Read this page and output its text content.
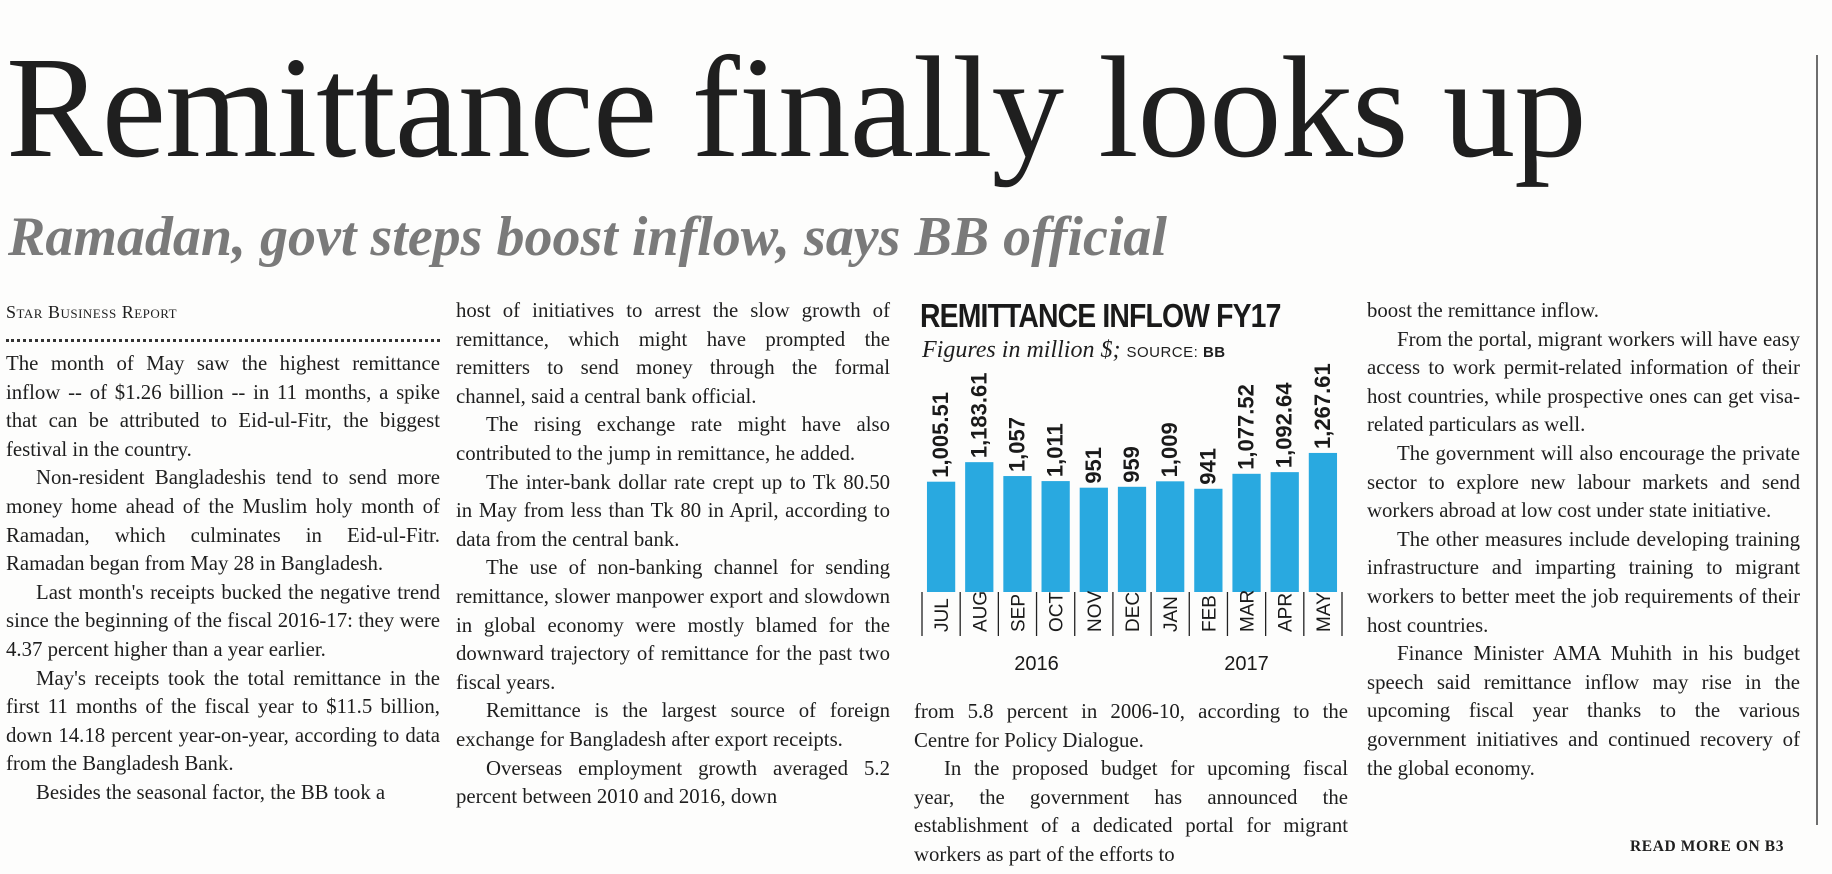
Remittance finally looks up
Ramadan, govt steps boost inflow, says BB official
Star Business Report

The month of May saw the highest remittance inflow -- of $1.26 billion -- in 11 months, a spike that can be attributed to Eid-ul-Fitr, the biggest festival in the country.

Non-resident Bangladeshis tend to send more money home ahead of the Muslim holy month of Ramadan, which culminates in Eid-ul-Fitr. Ramadan began from May 28 in Bangladesh.

Last month's receipts bucked the negative trend since the beginning of the fiscal 2016-17: they were 4.37 percent higher than a year earlier.

May's receipts took the total remittance in the first 11 months of the fiscal year to $11.5 billion, down 14.18 percent year-on-year, according to data from the Bangladesh Bank.

Besides the seasonal factor, the BB took a

host of initiatives to arrest the slow growth of remittance, which might have prompted the remitters to send money through the formal channel, said a central bank official.

The rising exchange rate might have also contributed to the jump in remittance, he added.

The inter-bank dollar rate crept up to Tk 80.50 in May from less than Tk 80 in April, according to data from the central bank.

The use of non-banking channel for sending remittance, slower manpower export and slowdown in global economy were mostly blamed for the downward trajectory of remittance for the past two fiscal years.

Remittance is the largest source of foreign exchange for Bangladesh after export receipts.

Overseas employment growth averaged 5.2 percent between 2010 and 2016, down

REMITTANCE INFLOW FY17
Figures in million $; SOURCE: BB
1,005.51
JUL
1,183.61
AUG
1,057
SEP
1,011
OCT
951
NOV
959
DEC
1,009
JAN
941
FEB
1,077.52
MAR
1,092.64
APR
1,267.61
MAY
2016	2017

from 5.8 percent in 2006-10, according to the Centre for Policy Dialogue.

In the proposed budget for upcoming fiscal year, the government has announced the establishment of a dedicated portal for migrant workers as part of the efforts to

boost the remittance inflow.

From the portal, migrant workers will have easy access to work permit-related information of their host countries, while prospective ones can get visa-related particulars as well.

The government will also encourage the private sector to explore new labour markets and send workers abroad at low cost under state initiative.

The other measures include developing training infrastructure and imparting training to migrant workers to better meet the job requirements of their host countries.

Finance Minister AMA Muhith in his budget speech said remittance inflow may rise in the upcoming fiscal year thanks to the various government initiatives and continued recovery of the global economy.

READ MORE ON B3
